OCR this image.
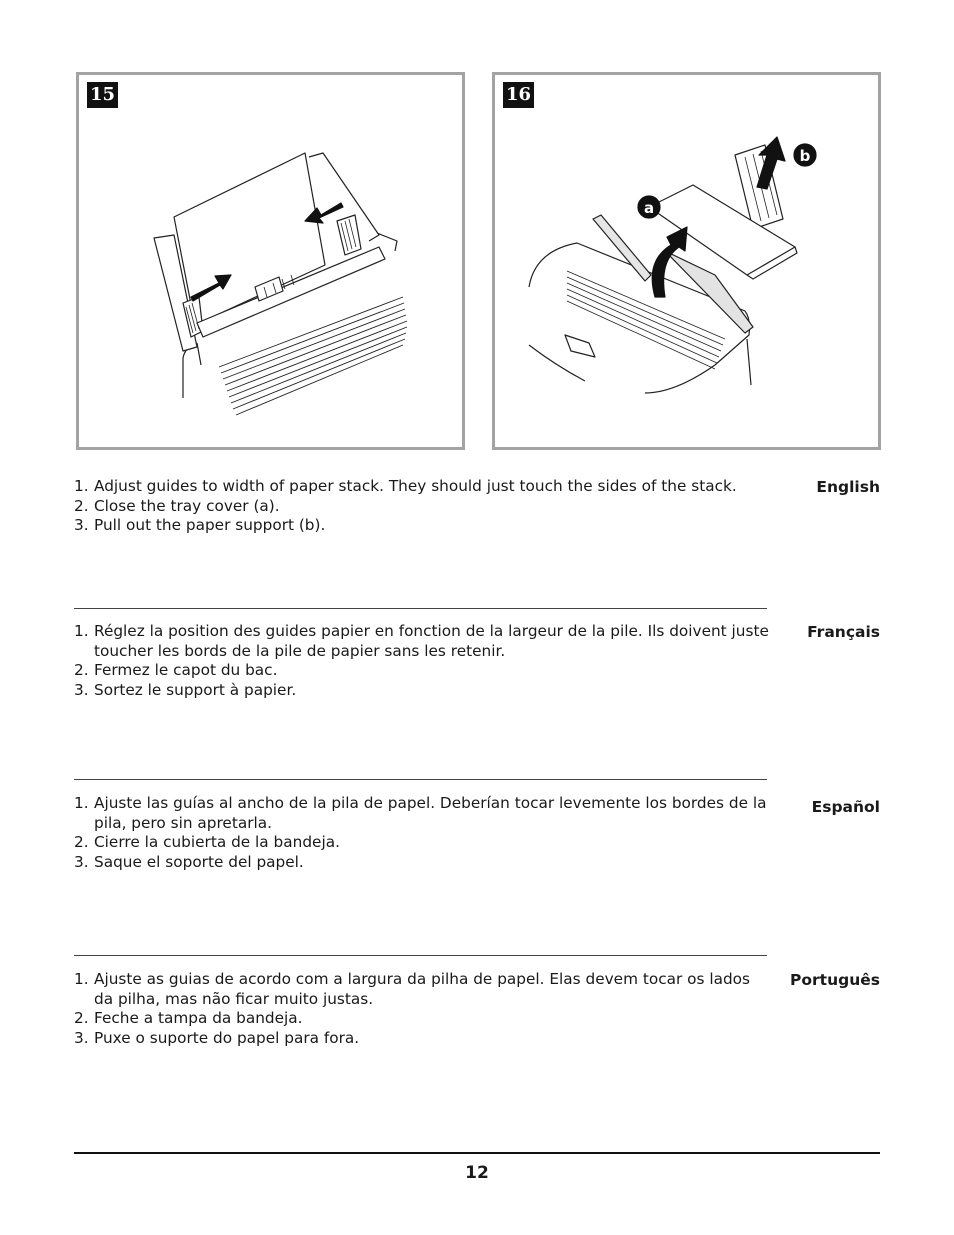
15	16
b
a
1. Adjust guides to width of paper stack. They should just touch the sides of the stack.
2. Close the tray cover (a).
3. Pull out the paper support (b).
English
1. Réglez la position des guides papier en fonction de la largeur de la pile. Ils doivent juste toucher les bords de la pile de papier sans les retenir.
2. Fermez le capot du bac.
3. Sortez le support à papier.
Français
1. Ajuste las guías al ancho de la pila de papel. Deberían tocar levemente los bordes de la pila, pero sin apretarla.
2. Cierre la cubierta de la bandeja.
3. Saque el soporte del papel.
Español
1. Ajuste as guias de acordo com a largura da pilha de papel. Elas devem tocar os lados da pilha, mas não ficar muito justas.
2. Feche a tampa da bandeja.
3. Puxe o suporte do papel para fora.
Português
12
